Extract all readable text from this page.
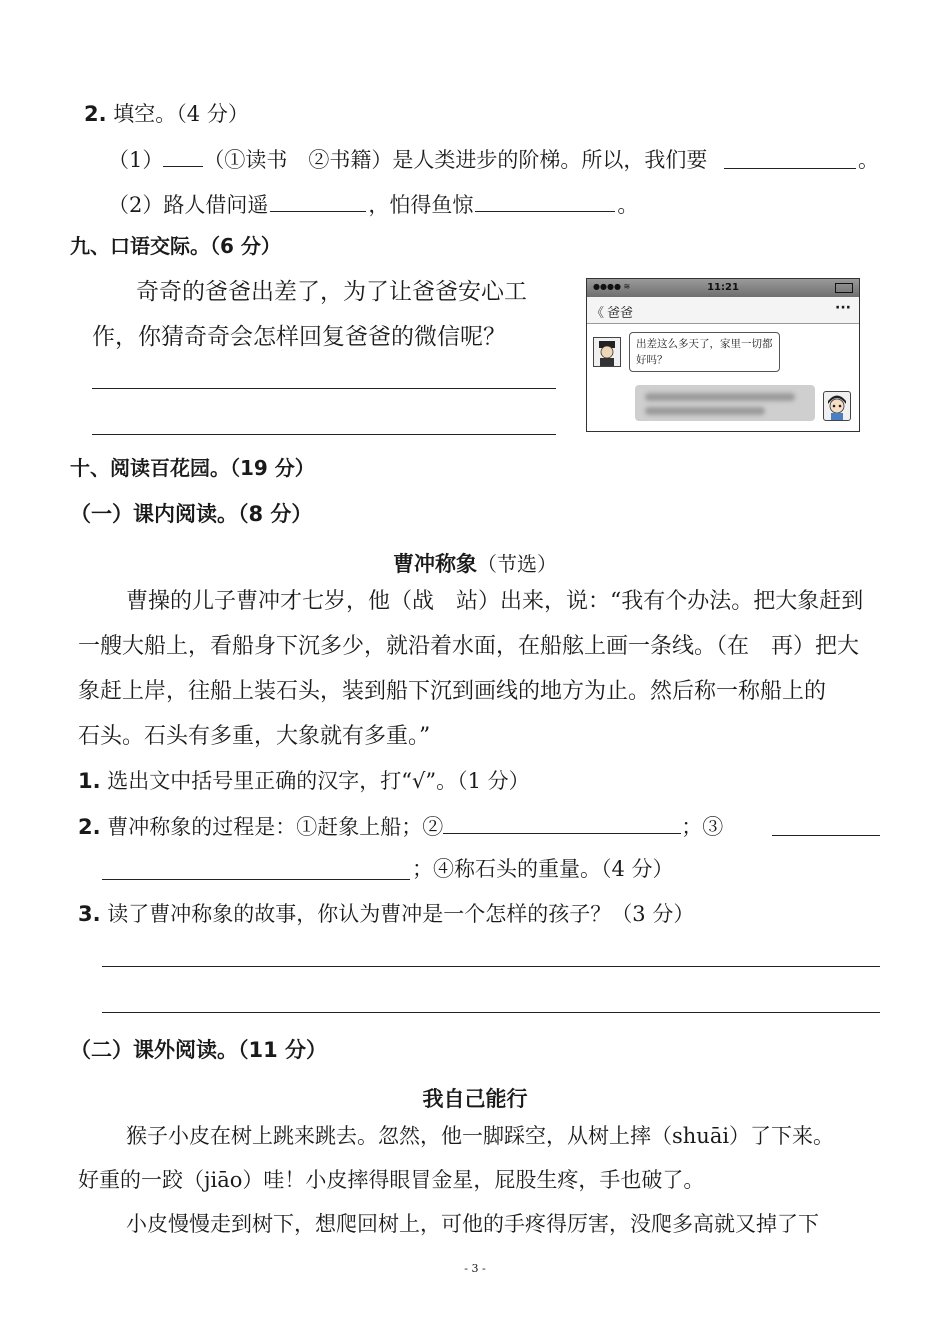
2. 填空。（4 分）
（1） （①读书　②书籍）是人类进步的阶梯。所以，我们要	。
（2）路人借问遥	，怕得鱼惊	。
九、口语交际。（6 分）
奇奇的爸爸出差了，为了让爸爸安心工
作，你猜奇奇会怎样回复爸爸的微信呢？
●●●● ≋	11:21
《 爸爸	···
出差这么多天了，家里一切都
好吗？
十、阅读百花园。（19 分）
（一）课内阅读。（8 分）
曹冲称象（节选）
曹操的儿子曹冲才七岁，他（战　站）出来，说：“我有个办法。把大象赶到
一艘大船上，看船身下沉多少，就沿着水面，在船舷上画一条线。（在　再）把大
象赶上岸，往船上装石头，装到船下沉到画线的地方为止。然后称一称船上的
石头。石头有多重，大象就有多重。”
1. 选出文中括号里正确的汉字，打“√”。（1 分）
2. 曹冲称象的过程是：①赶象上船；②	；③
；④称石头的重量。（4 分）
3. 读了曹冲称象的故事，你认为曹冲是一个怎样的孩子？（3 分）
（二）课外阅读。（11 分）
我自己能行
猴子小皮在树上跳来跳去。忽然，他一脚踩空，从树上摔（shuāi）了下来。
好重的一跤（jiāo）哇！小皮摔得眼冒金星，屁股生疼，手也破了。
小皮慢慢走到树下，想爬回树上，可他的手疼得厉害，没爬多高就又掉了下
- 3 -
